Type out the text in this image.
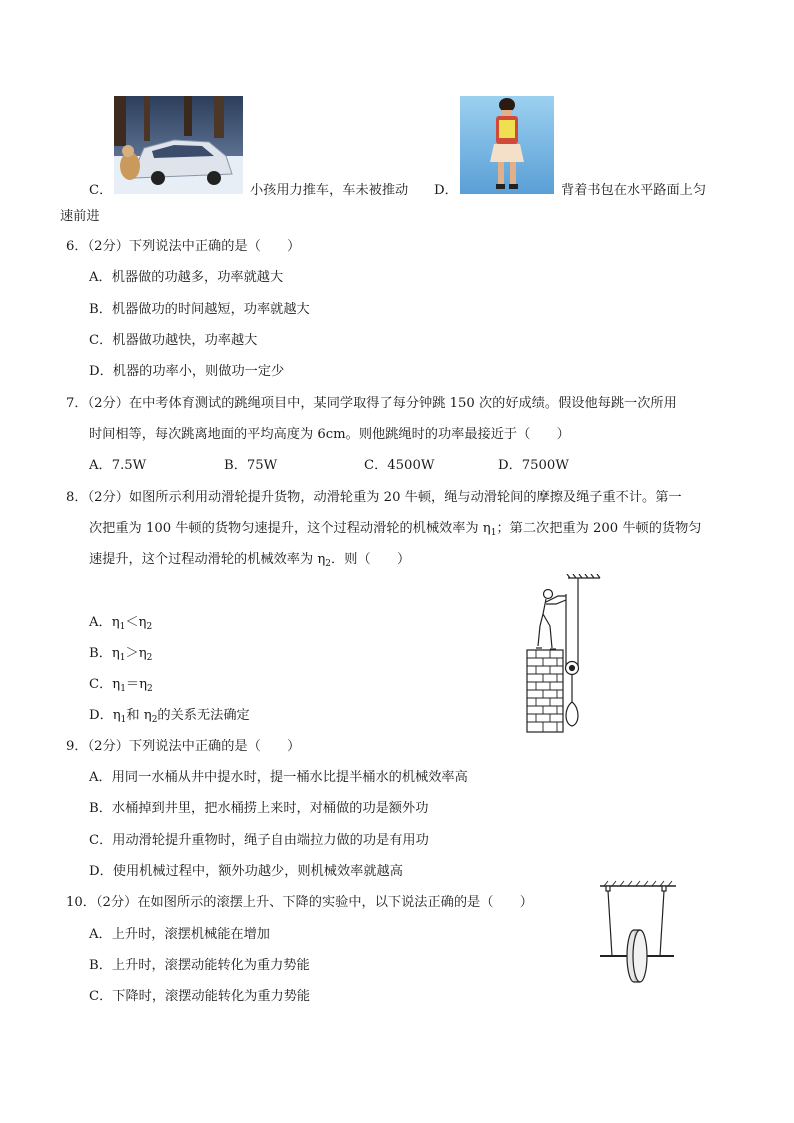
C．	小孩用力推车，车未被推动 D．	背着书包在水平路面上匀
速前进
6．（2分）下列说法中正确的是（　　）
A．机器做的功越多，功率就越大
B．机器做功的时间越短，功率就越大
C．机器做功越快，功率越大
D．机器的功率小，则做功一定少
7．（2分）在中考体育测试的跳绳项目中，某同学取得了每分钟跳 150 次的好成绩。假设他每跳一次所用
时间相等，每次跳离地面的平均高度为 6cm。则他跳绳时的功率最接近于（　　）
A．7.5W	B．75W	C．4500W	D．7500W
8．（2分）如图所示利用动滑轮提升货物，动滑轮重为 20 牛顿，绳与动滑轮间的摩擦及绳子重不计。第一
次把重为 100 牛顿的货物匀速提升，这个过程动滑轮的机械效率为 $\eta_1$；第二次把重为 200 牛顿的货物匀
速提升，这个过程动滑轮的机械效率为 $\eta_2$．则（　　）
A．$\eta_1<\eta_2$
B．$\eta_1>\eta_2$
C．$\eta_1=\eta_2$
D．$\eta_1$和 $\eta_2$的关系无法确定
9．（2分）下列说法中正确的是（　　）
A．用同一水桶从井中提水时，提一桶水比提半桶水的机械效率高
B．水桶掉到井里，把水桶捞上来时，对桶做的功是额外功
C．用动滑轮提升重物时，绳子自由端拉力做的功是有用功
D．使用机械过程中，额外功越少，则机械效率就越高
10．（2分）在如图所示的滚摆上升、下降的实验中，以下说法正确的是（　　）
A．上升时，滚摆机械能在增加
B．上升时，滚摆动能转化为重力势能
C．下降时，滚摆动能转化为重力势能
